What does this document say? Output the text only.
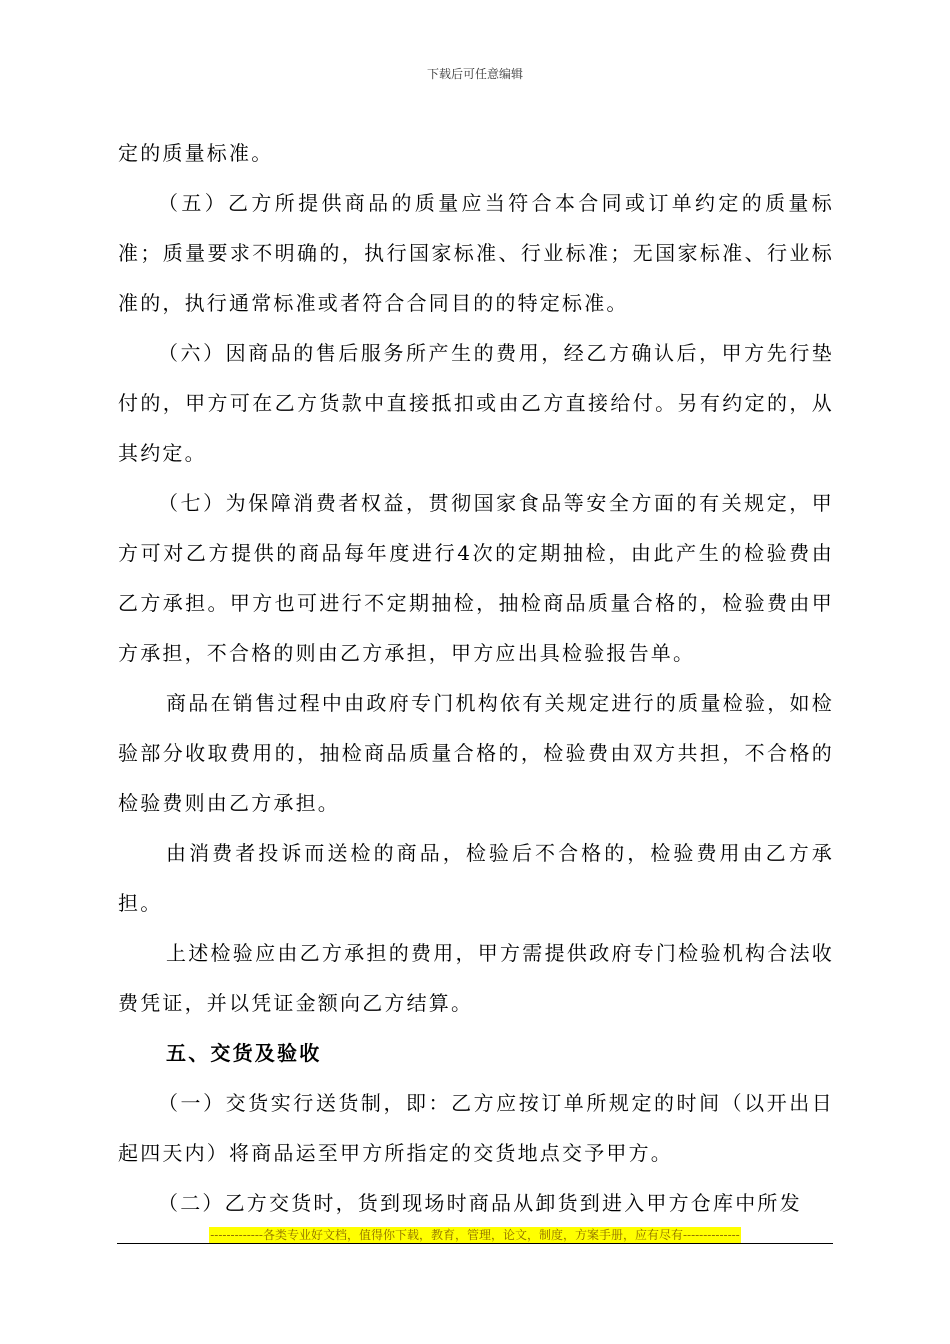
下载后可任意编辑

定的质量标准。

（五）乙方所提供商品的质量应当符合本合同或订单约定的质量标准；质量要求不明确的，执行国家标准、行业标准；无国家标准、行业标准的，执行通常标准或者符合合同目的的特定标准。

（六）因商品的售后服务所产生的费用，经乙方确认后，甲方先行垫付的，甲方可在乙方货款中直接抵扣或由乙方直接给付。另有约定的，从其约定。

（七）为保障消费者权益，贯彻国家食品等安全方面的有关规定，甲方可对乙方提供的商品每年度进行4次的定期抽检，由此产生的检验费由乙方承担。甲方也可进行不定期抽检，抽检商品质量合格的，检验费由甲方承担，不合格的则由乙方承担，甲方应出具检验报告单。

商品在销售过程中由政府专门机构依有关规定进行的质量检验，如检验部分收取费用的，抽检商品质量合格的，检验费由双方共担，不合格的检验费则由乙方承担。

由消费者投诉而送检的商品，检验后不合格的，检验费用由乙方承担。

上述检验应由乙方承担的费用，甲方需提供政府专门检验机构合法收费凭证，并以凭证金额向乙方结算。

五、交货及验收

（一）交货实行送货制，即：乙方应按订单所规定的时间（以开出日起四天内）将商品运至甲方所指定的交货地点交予甲方。

（二）乙方交货时，货到现场时商品从卸货到进入甲方仓库中所发

-------------各类专业好文档，值得你下载，教育，管理，论文，制度，方案手册，应有尽有--------------
